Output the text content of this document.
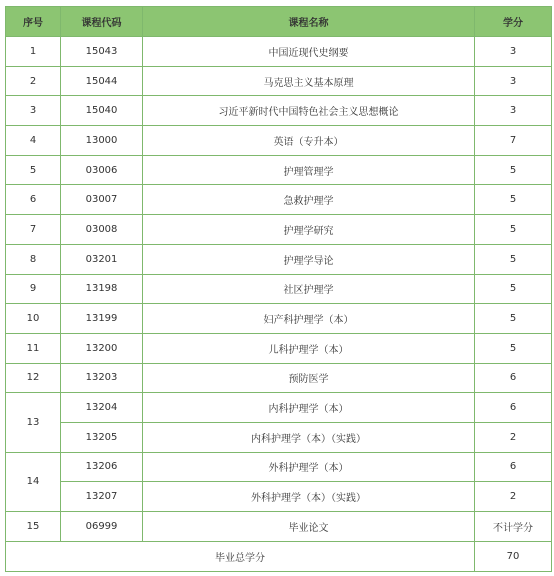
序号	课程代码	课程名称	学分
1	15043	中国近现代史纲要	3
2	15044	马克思主义基本原理	3
3	15040	习近平新时代中国特色社会主义思想概论	3
4	13000	英语（专升本）	7
5	03006	护理管理学	5
6	03007	急救护理学	5
7	03008	护理学研究	5
8	03201	护理学导论	5
9	13198	社区护理学	5
10	13199	妇产科护理学（本）	5
11	13200	儿科护理学（本）	5
12	13203	预防医学	6
13	13204	内科护理学（本）	6
	13205	内科护理学（本）（实践）	2
14	13206	外科护理学（本）	6
	13207	外科护理学（本）（实践）	2
15	06999	毕业论文	不计学分
毕业总学分			70
